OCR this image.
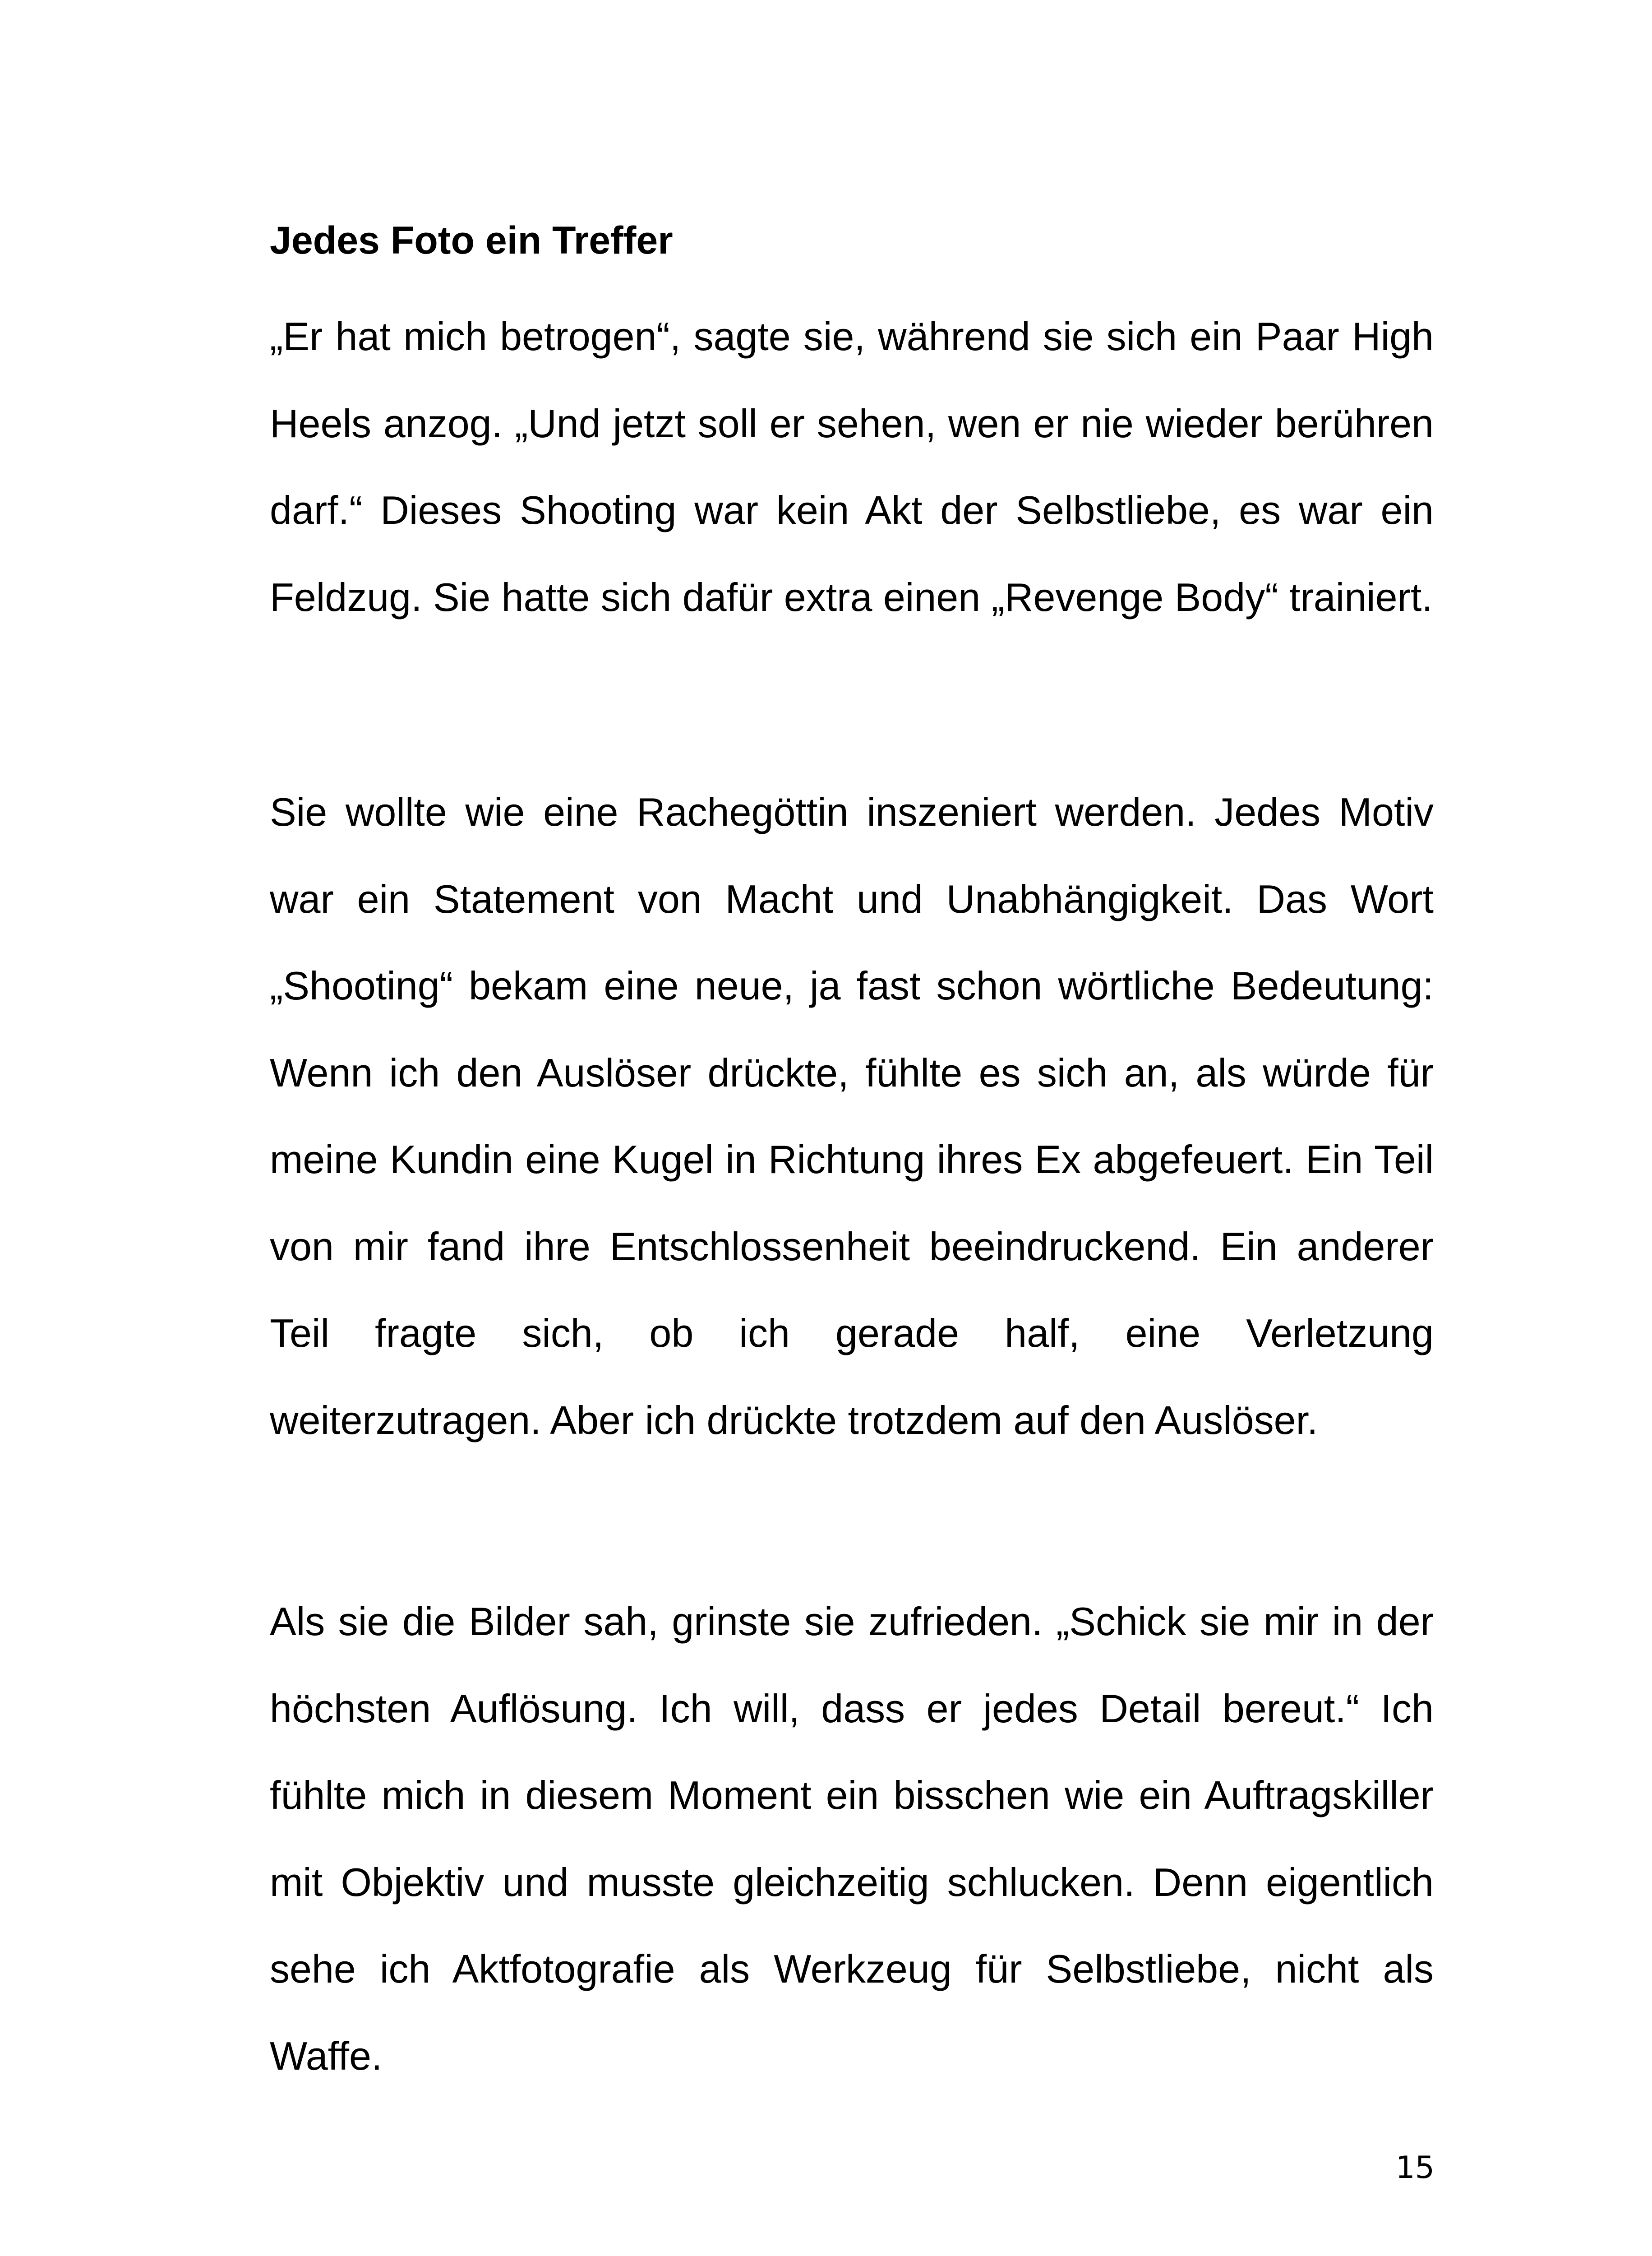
Jedes Foto ein Treffer

„Er hat mich betrogen“, sagte sie, während sie sich ein Paar High Heels anzog. „Und jetzt soll er sehen, wen er nie wieder berühren darf.“ Dieses Shooting war kein Akt der Selbstliebe, es war ein Feldzug. Sie hatte sich dafür extra einen „Revenge Body“ trainiert.

Sie wollte wie eine Rachegöttin inszeniert werden. Jedes Motiv war ein Statement von Macht und Unabhängigkeit. Das Wort „Shooting“ bekam eine neue, ja fast schon wörtliche Bedeutung: Wenn ich den Auslöser drückte, fühlte es sich an, als würde für meine Kundin eine Kugel in Richtung ihres Ex abgefeuert. Ein Teil von mir fand ihre Entschlossenheit beeindruckend. Ein anderer Teil fragte sich, ob ich gerade half, eine Verletzung weiterzutragen. Aber ich drückte trotzdem auf den Auslöser.

Als sie die Bilder sah, grinste sie zufrieden. „Schick sie mir in der höchsten Auflösung. Ich will, dass er jedes Detail bereut.“ Ich fühlte mich in diesem Moment ein bisschen wie ein Auftragskiller mit Objektiv und musste gleichzeitig schlucken. Denn eigentlich sehe ich Aktfotografie als Werkzeug für Selbstliebe, nicht als Waffe.

15
